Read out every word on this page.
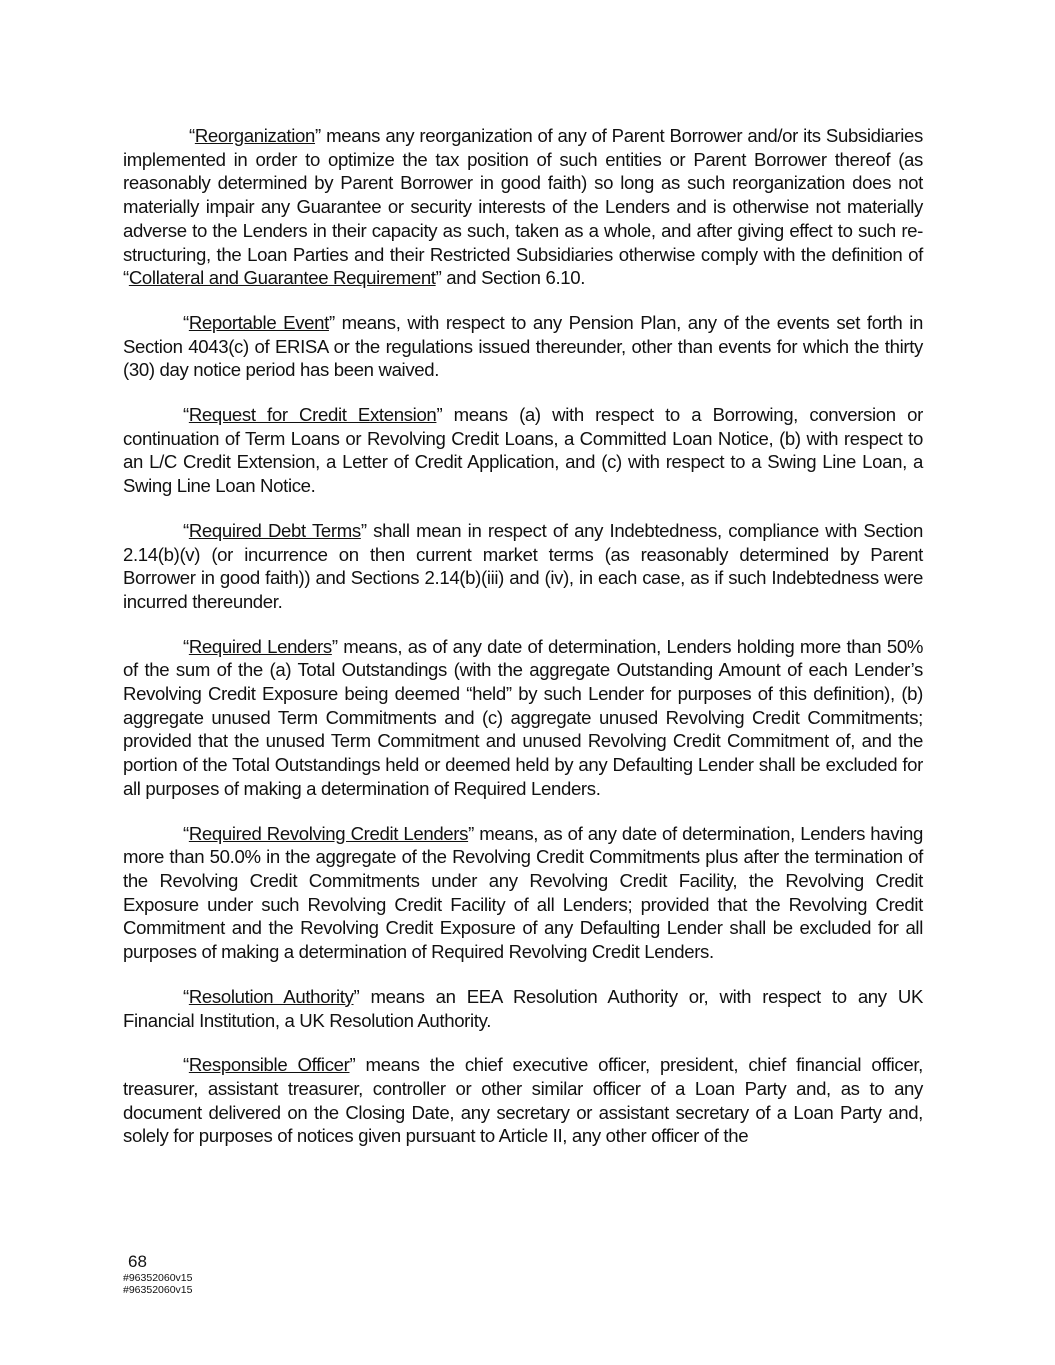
“Reorganization” means any reorganization of any of Parent Borrower and/or its Subsidiaries implemented in order to optimize the tax position of such entities or Parent Borrower thereof (as reasonably determined by Parent Borrower in good faith) so long as such reorganization does not materially impair any Guarantee or security interests of the Lenders and is otherwise not materially adverse to the Lenders in their capacity as such, taken as a whole, and after giving effect to such re-structuring, the Loan Parties and their Restricted Subsidiaries otherwise comply with the definition of “Collateral and Guarantee Requirement” and Section 6.10.

“Reportable Event” means, with respect to any Pension Plan, any of the events set forth in Section 4043(c) of ERISA or the regulations issued thereunder, other than events for which the thirty (30) day notice period has been waived.

“Request for Credit Extension” means (a) with respect to a Borrowing, conversion or continuation of Term Loans or Revolving Credit Loans, a Committed Loan Notice, (b) with respect to an L/C Credit Extension, a Letter of Credit Application, and (c) with respect to a Swing Line Loan, a Swing Line Loan Notice.

“Required Debt Terms” shall mean in respect of any Indebtedness, compliance with Section 2.14(b)(v) (or incurrence on then current market terms (as reasonably determined by Parent Borrower in good faith)) and Sections 2.14(b)(iii) and (iv), in each case, as if such Indebtedness were incurred thereunder.

“Required Lenders” means, as of any date of determination, Lenders holding more than 50% of the sum of the (a) Total Outstandings (with the aggregate Outstanding Amount of each Lender’s Revolving Credit Exposure being deemed “held” by such Lender for purposes of this definition), (b) aggregate unused Term Commitments and (c) aggregate unused Revolving Credit Commitments; provided that the unused Term Commitment and unused Revolving Credit Commitment of, and the portion of the Total Outstandings held or deemed held by any Defaulting Lender shall be excluded for all purposes of making a determination of Required Lenders.

“Required Revolving Credit Lenders” means, as of any date of determination, Lenders having more than 50.0% in the aggregate of the Revolving Credit Commitments plus after the termination of the Revolving Credit Commitments under any Revolving Credit Facility, the Revolving Credit Exposure under such Revolving Credit Facility of all Lenders; provided that the Revolving Credit Commitment and the Revolving Credit Exposure of any Defaulting Lender shall be excluded for all purposes of making a determination of Required Revolving Credit Lenders.

“Resolution Authority” means an EEA Resolution Authority or, with respect to any UK Financial Institution, a UK Resolution Authority.

“Responsible Officer” means the chief executive officer, president, chief financial officer, treasurer, assistant treasurer, controller or other similar officer of a Loan Party and, as to any document delivered on the Closing Date, any secretary or assistant secretary of a Loan Party and, solely for purposes of notices given pursuant to Article II, any other officer of the

68
#96352060v15
#96352060v15
